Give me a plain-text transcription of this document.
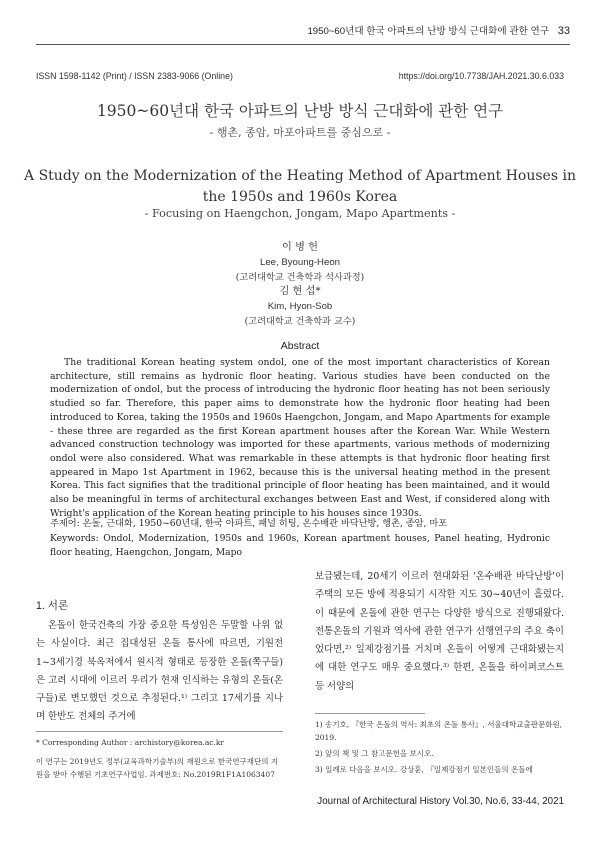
1950~60년대 한국 아파트의 난방 방식 근대화에 관한 연구 33
ISSN 1598-1142 (Print) / ISSN 2383-9066 (Online)	https://doi.org/10.7738/JAH.2021.30.6.033
1950~60년대 한국 아파트의 난방 방식 근대화에 관한 연구
- 행촌, 종암, 마포아파트를 중심으로 -
A Study on the Modernization of the Heating Method of Apartment Houses in
the 1950s and 1960s Korea
- Focusing on Haengchon, Jongam, Mapo Apartments -
이 병 헌
Lee, Byoung-Heon
(고려대학교 건축학과 석사과정)
김 현 섭*
Kim, Hyon-Sob
(고려대학교 건축학과 교수)
Abstract

The traditional Korean heating system ondol, one of the most important characteristics of Korean architecture, still remains as hydronic floor heating. Various studies have been conducted on the modernization of ondol, but the process of introducing the hydronic floor heating has not been seriously studied so far. Therefore, this paper aims to demonstrate how the hydronic floor heating had been introduced to Korea, taking the 1950s and 1960s Haengchon, Jongam, and Mapo Apartments for example - these three are regarded as the first Korean apartment houses after the Korean War. While Western advanced construction technology was imported for these apartments, various methods of modernizing ondol were also considered. What was remarkable in these attempts is that hydronic floor heating first appeared in Mapo 1st Apartment in 1962, because this is the universal heating method in the present Korea. This fact signifies that the traditional principle of floor heating has been maintained, and it would also be meaningful in terms of architectural exchanges between East and West, if considered along with Wright's application of the Korean heating principle to his houses since 1930s.

주제어: 온돌, 근대화, 1950~60년대, 한국 아파트, 패널 히팅, 온수배관 바닥난방, 행촌, 종암, 마포
Keywords: Ondol, Modernization, 1950s and 1960s, Korean apartment houses, Panel heating, Hydronic floor heating, Haengchon, Jongam, Mapo
1. 서론

온돌이 한국건축의 가장 중요한 특성임은 두말할 나위 없는 사실이다. 최근 집대성된 온돌 통사에 따르면, 기원전 1~3세기경 북옥저에서 원시적 형태로 등장한 온돌(쪽구들)은 고려 시대에 이르러 우리가 현재 인식하는 유형의 온돌(온구들)로 변모했던 것으로 추정된다.¹⁾ 그리고 17세기를 지나며 한반도 전체의 주거에

보급됐는데, 20세기 이르러 현대화된 '온수배관 바닥난방'이 주택의 모든 방에 적용되기 시작한 지도 30~40년이 흘렀다. 이 때문에 온돌에 관한 연구는 다양한 방식으로 진행돼왔다. 전통온돌의 기원과 역사에 관한 연구가 선행연구의 주요 축이었다면,²⁾ 일제강점기를 거치며 온돌이 어떻게 근대화됐는지에 대한 연구도 매우 중요했다.³⁾ 한편, 온돌을 하이퍼코스트 등 서양의

* Corresponding Author : archistory@korea.ac.kr
이 연구는 2019년도 정부(교육과학기술부)의 재원으로 한국연구재단의 지원을 받아 수행된 기초연구사업임. 과제번호: No.2019R1F1A1063407
1) 송기호, 『한국 온돌의 역사: 최초의 온돌 통사』, 서울대학교출판문화원, 2019.
2) 앞의 책 및 그 참고문헌을 보시오.
3) 일례로 다음을 보시오. 강상훈, 『일제강점기 일본인들의 온돌에
Journal of Architectural History Vol.30, No.6, 33-44, 2021
